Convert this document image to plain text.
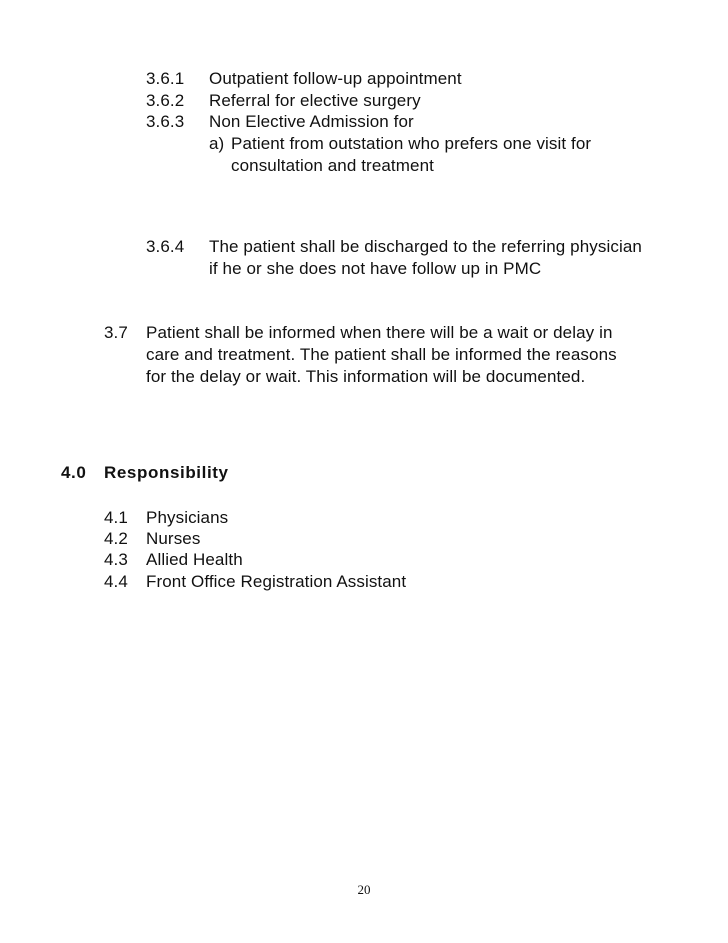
3.6.1 Outpatient follow-up appointment
3.6.2 Referral for elective surgery
3.6.3 Non Elective Admission for
a) Patient from outstation who prefers one visit for
consultation and treatment
3.6.4 The patient shall be discharged to the referring physician
if he or she does not have follow up in PMC
3.7 Patient shall be informed when there will be a wait or delay in
care and treatment. The patient shall be informed the reasons
for the delay or wait. This information will be documented.
4.0 Responsibility
4.1 Physicians
4.2 Nurses
4.3 Allied Health
4.4 Front Office Registration Assistant
20
